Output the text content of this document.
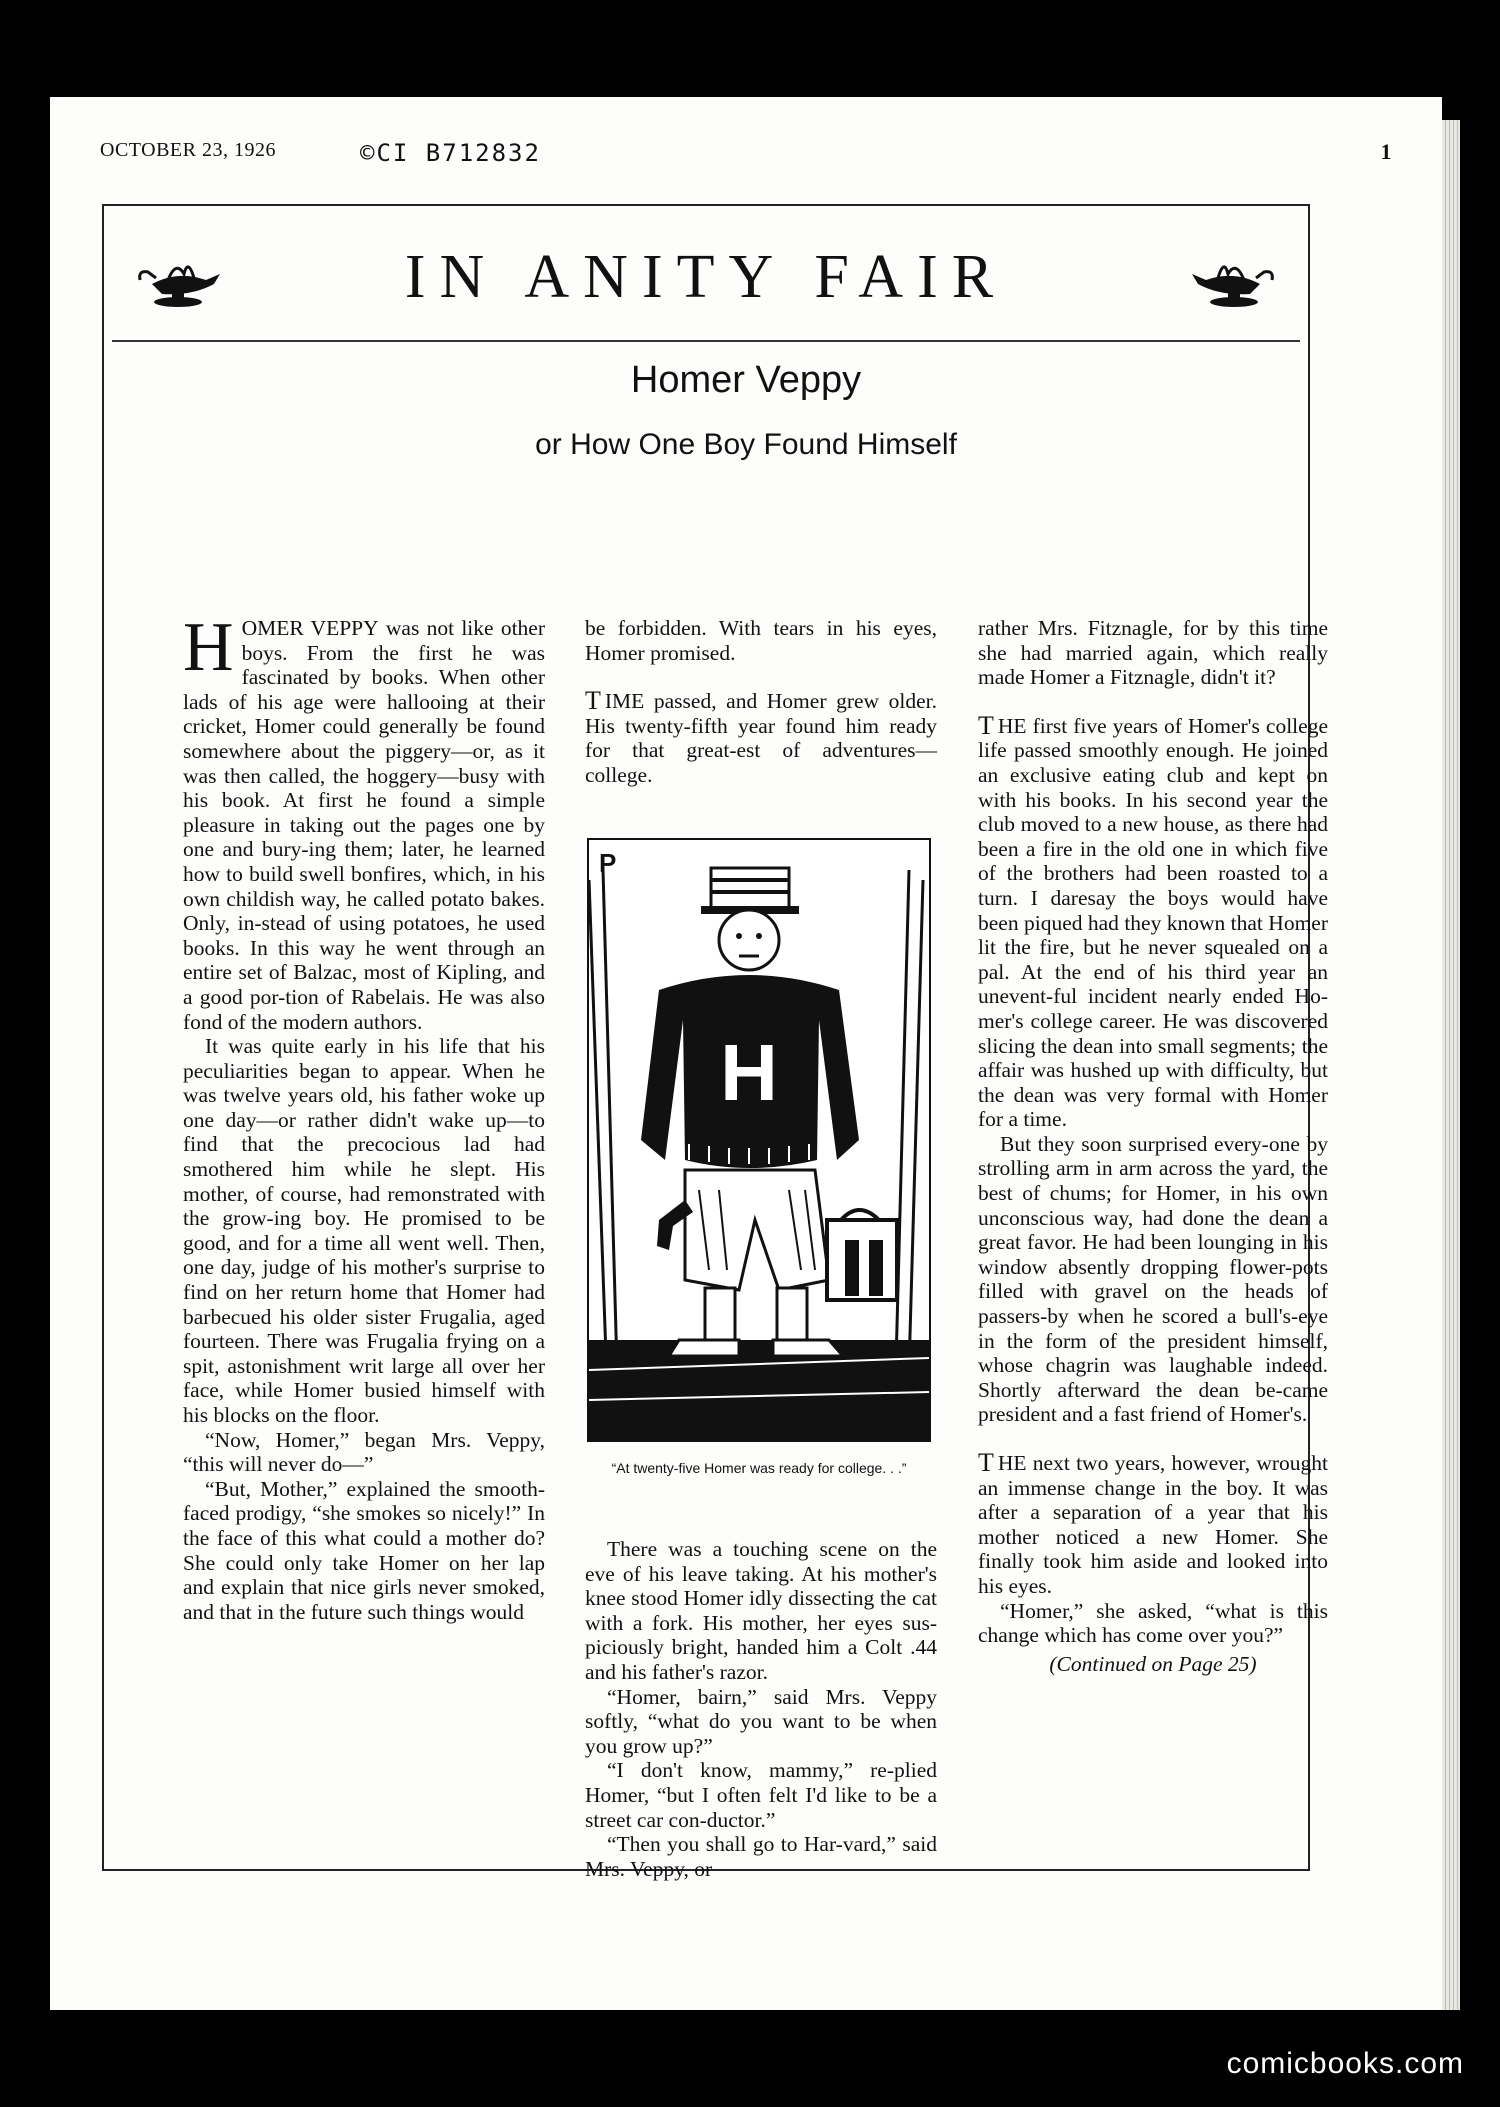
OCTOBER 23, 1926	©CI B712832	1
IN ANITY FAIR
Homer Veppy
or How One Boy Found Himself

HOMER VEPPY was not like other boys. From the first he was fascinated by books. When other lads of his age were hallooing at their cricket, Homer could generally be found somewhere about the piggery—or, as it was then called, the hoggery—busy with his book. At first he found a simple pleasure in taking out the pages one by one and bury-ing them; later, he learned how to build swell bonfires, which, in his own childish way, he called potato bakes. Only, in-stead of using potatoes, he used books. In this way he went through an entire set of Balzac, most of Kipling, and a good por-tion of Rabelais. He was also fond of the modern authors.

It was quite early in his life that his peculiarities began to appear. When he was twelve years old, his father woke up one day—or rather didn't wake up—to find that the precocious lad had smothered him while he slept. His mother, of course, had remonstrated with the grow-ing boy. He promised to be good, and for a time all went well. Then, one day, judge of his mother's surprise to find on her return home that Homer had barbecued his older sister Frugalia, aged fourteen. There was Frugalia frying on a spit, astonishment writ large all over her face, while Homer busied himself with his blocks on the floor.

“Now, Homer,” began Mrs. Veppy, “this will never do—”

“But, Mother,” explained the smooth-faced prodigy, “she smokes so nicely!” In the face of this what could a mother do? She could only take Homer on her lap and explain that nice girls never smoked, and that in the future such things would

be forbidden. With tears in his eyes, Homer promised.

T IME passed, and Homer grew older. His twenty-fifth year found him ready for that great-est of adventures—college.

P
H
“At twenty-five Homer was ready for college. . .”

There was a touching scene on the eve of his leave taking. At his mother's knee stood Homer idly dissecting the cat with a fork. His mother, her eyes sus-piciously bright, handed him a Colt .44 and his father's razor.

“Homer, bairn,” said Mrs. Veppy softly, “what do you want to be when you grow up?”

“I don't know, mammy,” re-plied Homer, “but I often felt I'd like to be a street car con-ductor.”

“Then you shall go to Har-vard,” said Mrs. Veppy, or

rather Mrs. Fitznagle, for by this time she had married again, which really made Homer a Fitznagle, didn't it?

T HE first five years of Homer's college life passed smoothly enough. He joined an exclusive eating club and kept on with his books. In his second year the club moved to a new house, as there had been a fire in the old one in which five of the brothers had been roasted to a turn. I daresay the boys would have been piqued had they known that Homer lit the fire, but he never squealed on a pal. At the end of his third year an unevent-ful incident nearly ended Ho-mer's college career. He was discovered slicing the dean into small segments; the affair was hushed up with difficulty, but the dean was very formal with Homer for a time.

But they soon surprised every-one by strolling arm in arm across the yard, the best of chums; for Homer, in his own unconscious way, had done the dean a great favor. He had been lounging in his window absently dropping flower-pots filled with gravel on the heads of passers-by when he scored a bull's-eye in the form of the president himself, whose chagrin was laughable indeed. Shortly afterward the dean be-came president and a fast friend of Homer's.

T HE next two years, however, wrought an immense change in the boy. It was after a separation of a year that his mother noticed a new Homer. She finally took him aside and looked into his eyes.

“Homer,” she asked, “what is this change which has come over you?”

(Continued on Page 25)
comicbooks.com
